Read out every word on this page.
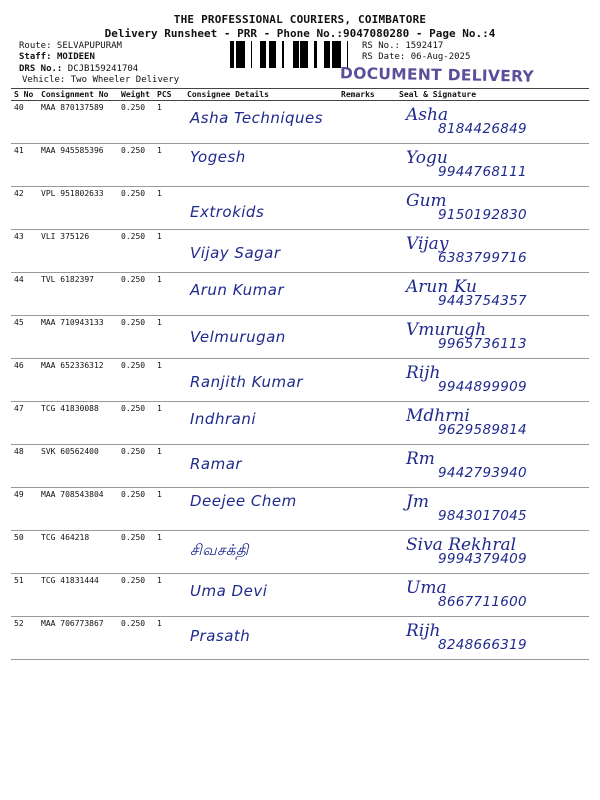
THE PROFESSIONAL COURIERS, COIMBATORE
Delivery Runsheet - PRR - Phone No.:9047080280 - Page No.:4
Route: SELVAPUPURAM
Staff: MOIDEEN
DRS No.: DCJB159241704
Vehicle: Two Wheeler Delivery
RS No.: 1592417
RS Date: 06-Aug-2025
DOCUMENT DELIVERY
S No	Consignment No	Weight	PCS	Consignee Details	Remarks	Seal & Signature
40	MAA 870137589	0.250	1	Asha Techniques		Asha
8184426849

41	MAA 945585396	0.250	1	Yogesh		Yogu
9944768111

42	VPL 951802633	0.250	1	Extrokids		Gum
9150192830

43	VLI 375126	0.250	1	Vijay Sagar		Vijay
6383799716

44	TVL 6182397	0.250	1	Arun Kumar		Arun Ku
9443754357

45	MAA 710943133	0.250	1	Velmurugan		Vmurugh
9965736113

46	MAA 652336312	0.250	1	Ranjith Kumar		Rijh
9944899909

47	TCG 41830088	0.250	1	Indhrani		Mdhrni
9629589814

48	SVK 60562400	0.250	1	Ramar		Rm
9442793940

49	MAA 708543804	0.250	1	Deejee Chem		Jm
9843017045

50	TCG 464218	0.250	1	சிவசக்தி		Siva Rekhral
9994379409

51	TCG 41831444	0.250	1	Uma Devi		Uma
8667711600

52	MAA 706773867	0.250	1	Prasath		Rijh
8248666319
